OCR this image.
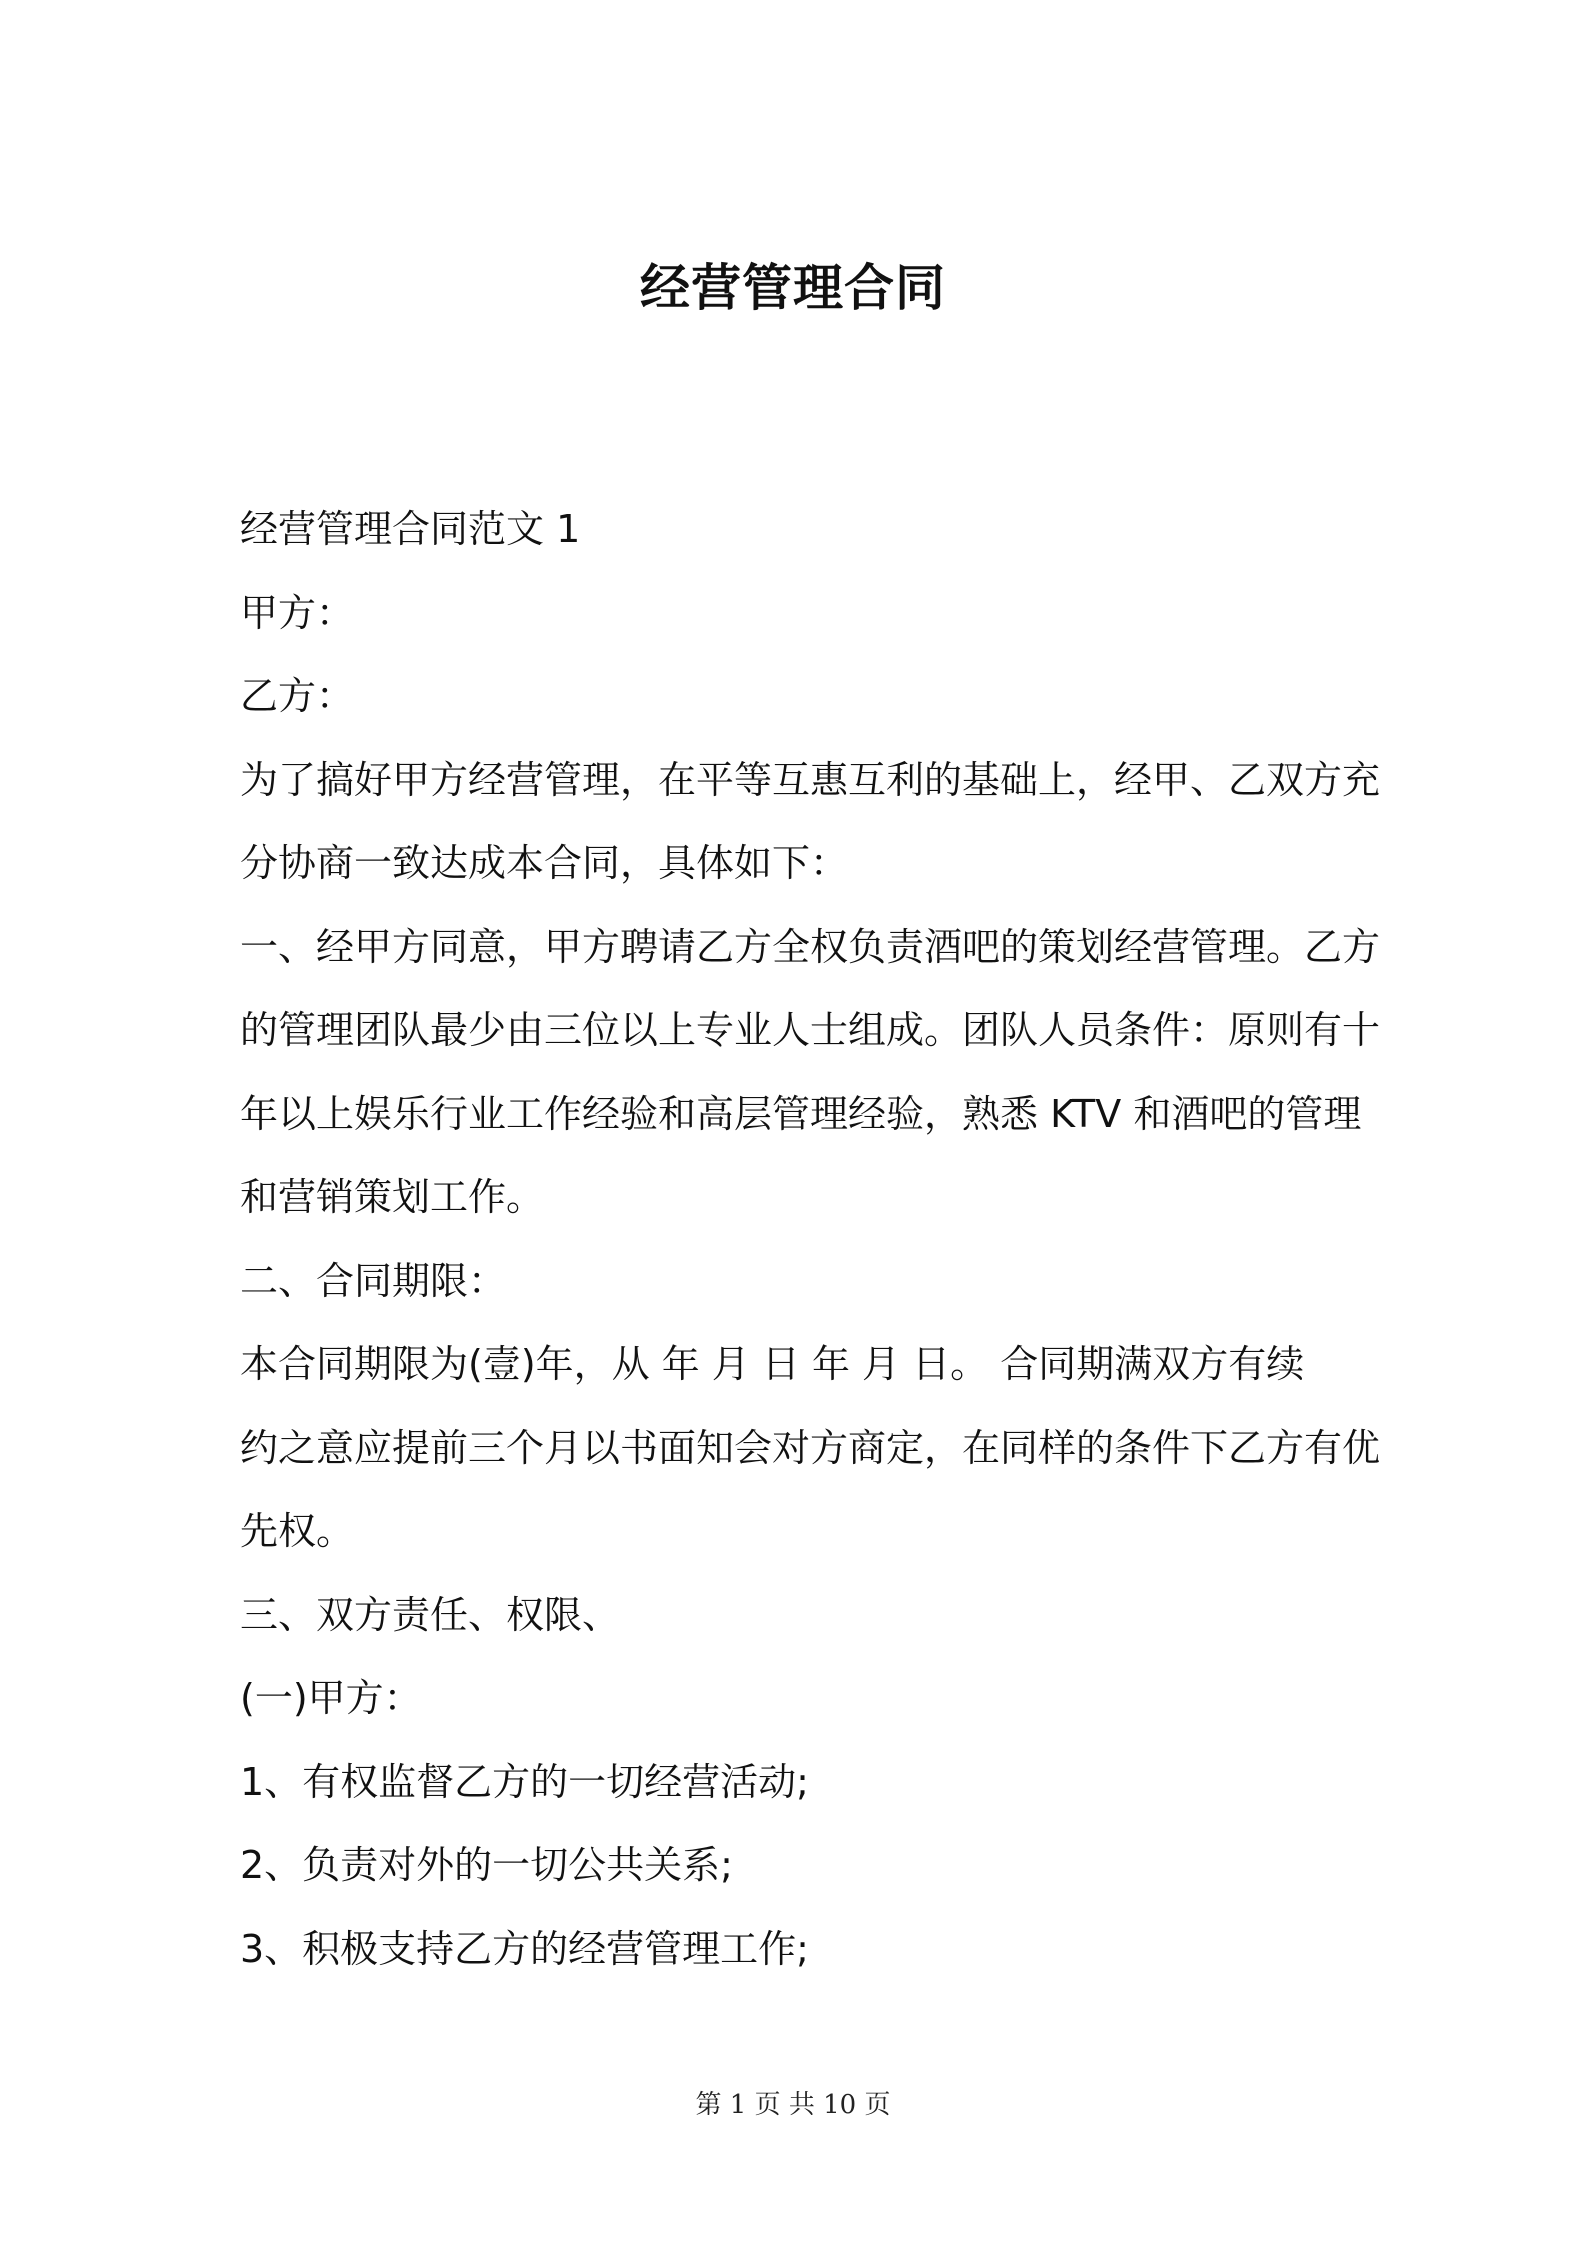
经营管理合同
经营管理合同范文 1
甲方：
乙方：
为了搞好甲方经营管理，在平等互惠互利的基础上，经甲、乙双方充
分协商一致达成本合同，具体如下：
一、经甲方同意，甲方聘请乙方全权负责酒吧的策划经营管理。乙方
的管理团队最少由三位以上专业人士组成。团队人员条件：原则有十
年以上娱乐行业工作经验和高层管理经验，熟悉 KTV 和酒吧的管理
和营销策划工作。
二、合同期限：
本合同期限为(壹)年，从 年 月 日 年 月 日。 合同期满双方有续
约之意应提前三个月以书面知会对方商定，在同样的条件下乙方有优
先权。
三、双方责任、权限、
(一)甲方：
1、有权监督乙方的一切经营活动;
2、负责对外的一切公共关系;
3、积极支持乙方的经营管理工作;
第 1 页 共 10 页
